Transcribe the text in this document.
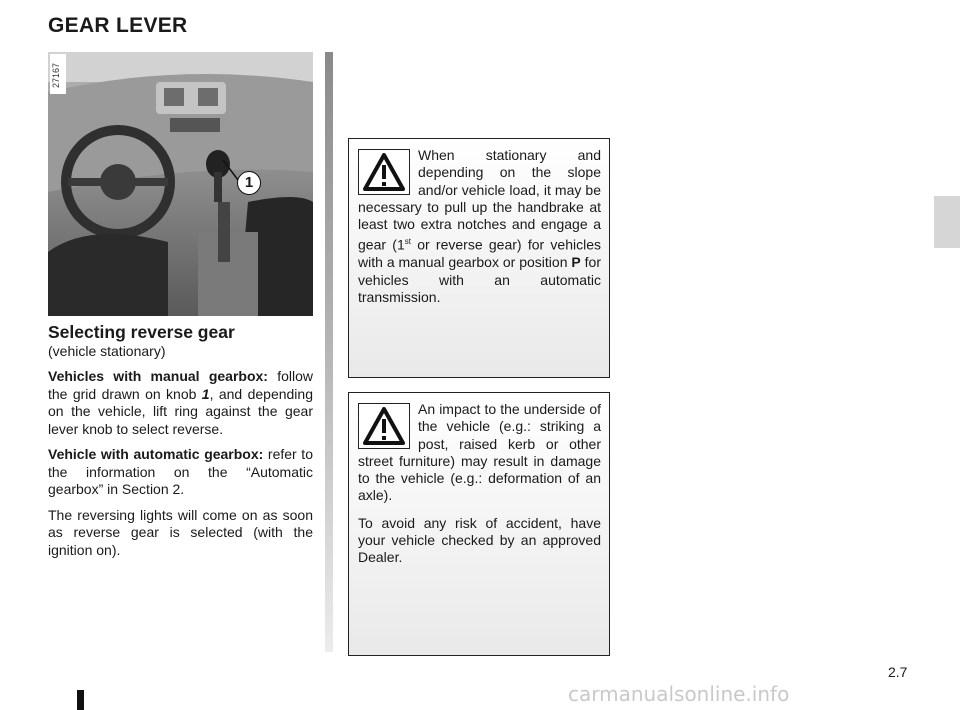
GEAR LEVER
27167
1
Selecting reverse gear
(vehicle stationary)

Vehicles with manual gearbox: follow the grid drawn on knob 1, and depending on the vehicle, lift ring against the gear lever knob to select reverse.

Vehicle with automatic gearbox: refer to the information on the “Automatic gearbox” in Section 2.

The reversing lights will come on as soon as reverse gear is selected (with the ignition on).

When stationary and depending on the slope and/or vehicle load, it may be necessary to pull up the handbrake at least two extra notches and engage a gear (1st or reverse gear) for vehicles with a manual gearbox or position P for vehicles with an automatic transmission.

An impact to the underside of the vehicle (e.g.: striking a post, raised kerb or other street furniture) may result in damage to the vehicle (e.g.: deformation of an axle).

To avoid any risk of accident, have your vehicle checked by an approved Dealer.

2.7
carmanualsonline.info
